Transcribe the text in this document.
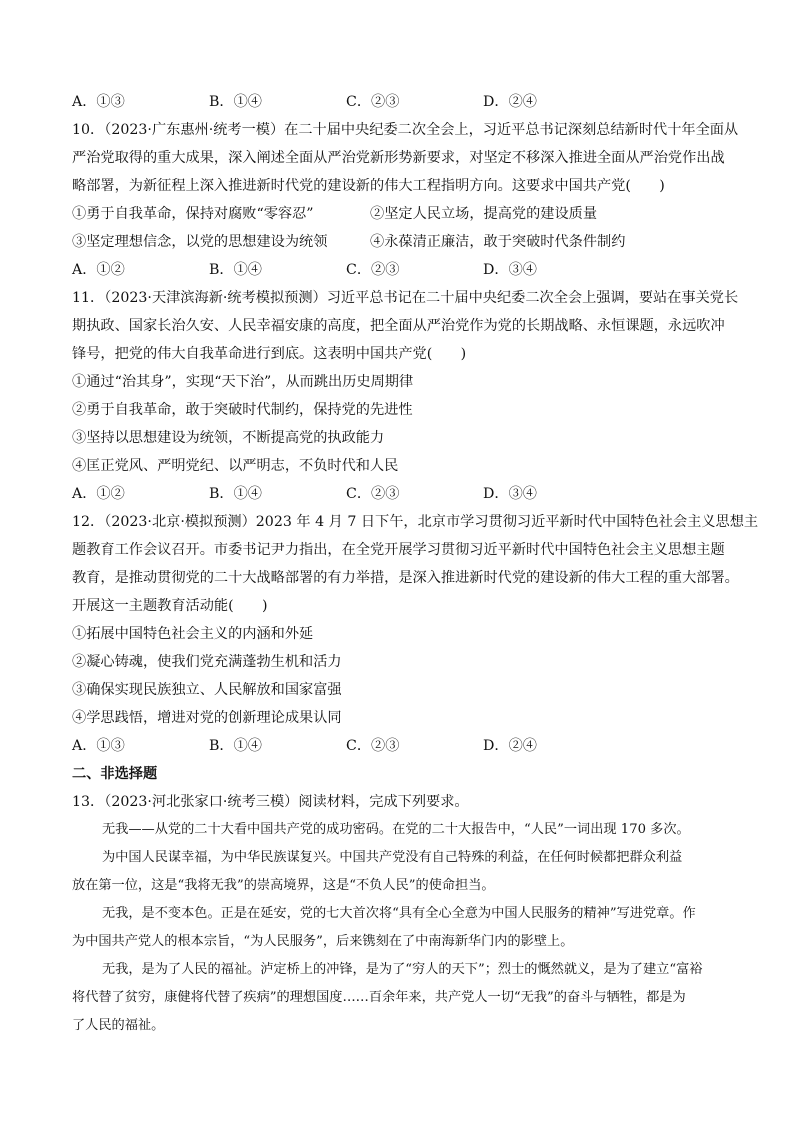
A．①③	B．①④	C．②③	D．②④
10．（2023·广东惠州·统考一模）在二十届中央纪委二次全会上，习近平总书记深刻总结新时代十年全面从
严治党取得的重大成果，深入阐述全面从严治党新形势新要求，对坚定不移深入推进全面从严治党作出战
略部署，为新征程上深入推进新时代党的建设新的伟大工程指明方向。这要求中国共产党(　　)
①勇于自我革命，保持对腐败“零容忍”	②坚定人民立场，提高党的建设质量
③坚定理想信念，以党的思想建设为统领	④永葆清正廉洁，敢于突破时代条件制约
A．①②	B．①④	C．②③	D．③④
11．（2023·天津滨海新·统考模拟预测）习近平总书记在二十届中央纪委二次全会上强调，要站在事关党长
期执政、国家长治久安、人民幸福安康的高度，把全面从严治党作为党的长期战略、永恒课题，永远吹冲
锋号，把党的伟大自我革命进行到底。这表明中国共产党(　　)
①通过“治其身”，实现“天下治”，从而跳出历史周期律
②勇于自我革命，敢于突破时代制约，保持党的先进性
③坚持以思想建设为统领，不断提高党的执政能力
④匡正党风、严明党纪、以严明志，不负时代和人民
A．①②	B．①④	C．②③	D．③④
12．（2023·北京·模拟预测）2023 年 4 月 7 日下午，北京市学习贯彻习近平新时代中国特色社会主义思想主
题教育工作会议召开。市委书记尹力指出，在全党开展学习贯彻习近平新时代中国特色社会主义思想主题
教育，是推动贯彻党的二十大战略部署的有力举措，是深入推进新时代党的建设新的伟大工程的重大部署。
开展这一主题教育活动能(　　)
①拓展中国特色社会主义的内涵和外延
②凝心铸魂，使我们党充满蓬勃生机和活力
③确保实现民族独立、人民解放和国家富强
④学思践悟，增进对党的创新理论成果认同
A．①③	B．①④	C．②③	D．②④
二、非选择题
13．（2023·河北张家口·统考三模）阅读材料，完成下列要求。
无我——从党的二十大看中国共产党的成功密码。在党的二十大报告中，“人民”一词出现 170 多次。
为中国人民谋幸福，为中华民族谋复兴。中国共产党没有自己特殊的利益，在任何时候都把群众利益
放在第一位，这是“我将无我”的崇高境界，这是“不负人民”的使命担当。
无我，是不变本色。正是在延安，党的七大首次将“具有全心全意为中国人民服务的精神”写进党章。作
为中国共产党人的根本宗旨，“为人民服务”，后来镌刻在了中南海新华门内的影壁上。
无我，是为了人民的福祉。泸定桥上的冲锋，是为了“穷人的天下”；烈士的慨然就义，是为了建立“富裕
将代替了贫穷，康健将代替了疾病”的理想国度……百余年来，共产党人一切“无我”的奋斗与牺牲，都是为
了人民的福祉。
